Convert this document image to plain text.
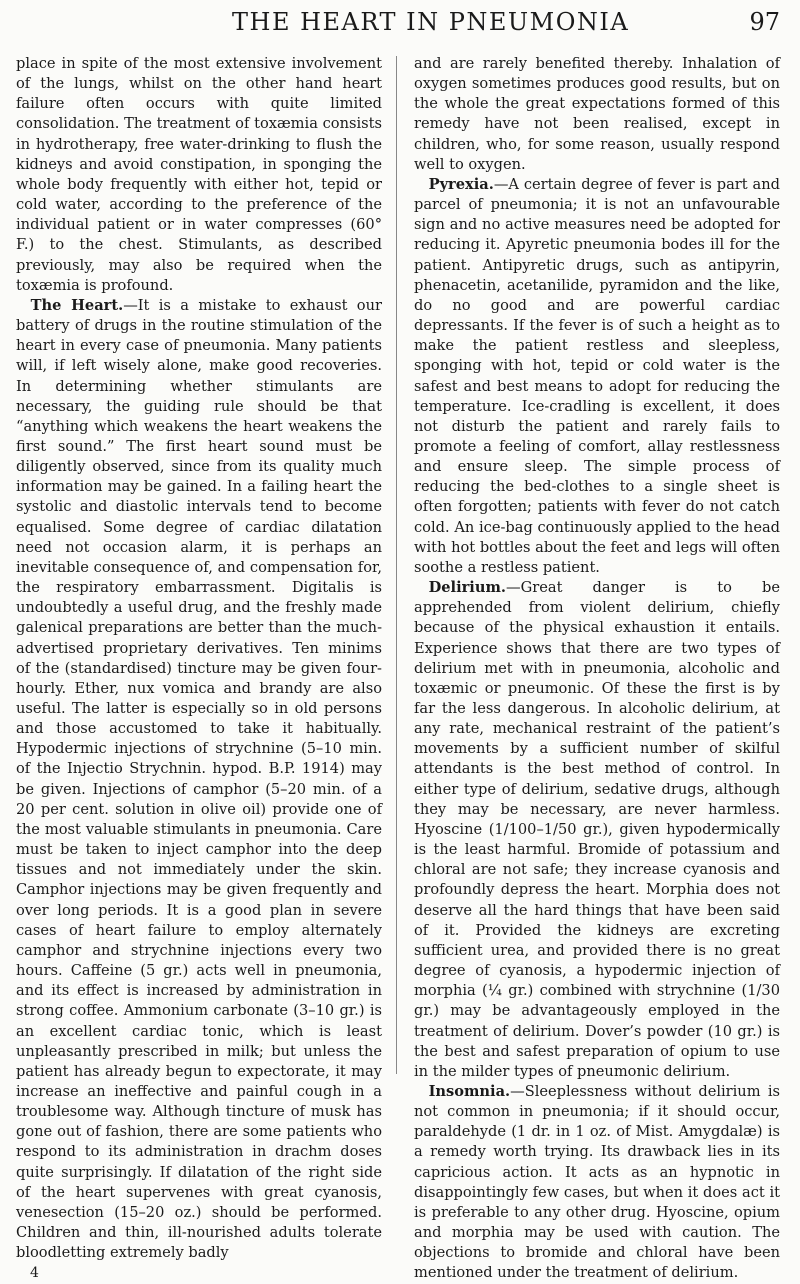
THE HEART IN PNEUMONIA	97

place in spite of the most extensive involvement of the lungs, whilst on the other hand heart failure often occurs with quite limited consolidation. The treatment of toxæmia consists in hydrotherapy, free water-drinking to flush the kidneys and avoid constipation, in sponging the whole body frequently with either hot, tepid or cold water, according to the preference of the individual patient or in water compresses (60° F.) to the chest. Stimulants, as described previously, may also be required when the toxæmia is profound.

The Heart.—It is a mistake to exhaust our battery of drugs in the routine stimulation of the heart in every case of pneumonia. Many patients will, if left wisely alone, make good recoveries. In determining whether stimulants are necessary, the guiding rule should be that “anything which weakens the heart weakens the first sound.” The first heart sound must be diligently observed, since from its quality much information may be gained. In a failing heart the systolic and diastolic intervals tend to become equalised. Some degree of cardiac dilatation need not occasion alarm, it is perhaps an inevitable consequence of, and compensation for, the respiratory embarrassment. Digitalis is undoubtedly a useful drug, and the freshly made galenical preparations are better than the much-advertised proprietary derivatives. Ten minims of the (standardised) tincture may be given four-hourly. Ether, nux vomica and brandy are also useful. The latter is especially so in old persons and those accustomed to take it habitually. Hypodermic injections of strychnine (5–10 min. of the Injectio Strychnin. hypod. B.P. 1914) may be given. Injections of camphor (5–20 min. of a 20 per cent. solution in olive oil) provide one of the most valuable stimulants in pneumonia. Care must be taken to inject camphor into the deep tissues and not immediately under the skin. Camphor injections may be given frequently and over long periods. It is a good plan in severe cases of heart failure to employ alternately camphor and strychnine injections every two hours. Caffeine (5 gr.) acts well in pneumonia, and its effect is increased by administration in strong coffee. Ammonium carbonate (3–10 gr.) is an excellent cardiac tonic, which is least unpleasantly prescribed in milk; but unless the patient has already begun to expectorate, it may increase an ineffective and painful cough in a troublesome way. Although tincture of musk has gone out of fashion, there are some patients who respond to its administration in drachm doses quite surprisingly. If dilatation of the right side of the heart supervenes with great cyanosis, venesection (15–20 oz.) should be performed. Children and thin, ill-nourished adults tolerate bloodletting extremely badly

4

and are rarely benefited thereby. Inhalation of oxygen sometimes produces good results, but on the whole the great expectations formed of this remedy have not been realised, except in children, who, for some reason, usually respond well to oxygen.

Pyrexia.—A certain degree of fever is part and parcel of pneumonia; it is not an unfavourable sign and no active measures need be adopted for reducing it. Apyretic pneumonia bodes ill for the patient. Antipyretic drugs, such as antipyrin, phenacetin, acetanilide, pyramidon and the like, do no good and are powerful cardiac depressants. If the fever is of such a height as to make the patient restless and sleepless, sponging with hot, tepid or cold water is the safest and best means to adopt for reducing the temperature. Ice-cradling is excellent, it does not disturb the patient and rarely fails to promote a feeling of comfort, allay restlessness and ensure sleep. The simple process of reducing the bed-clothes to a single sheet is often forgotten; patients with fever do not catch cold. An ice-bag continuously applied to the head with hot bottles about the feet and legs will often soothe a restless patient.

Delirium.—Great danger is to be apprehended from violent delirium, chiefly because of the physical exhaustion it entails. Experience shows that there are two types of delirium met with in pneumonia, alcoholic and toxæmic or pneumonic. Of these the first is by far the less dangerous. In alcoholic delirium, at any rate, mechanical restraint of the patient’s movements by a sufficient number of skilful attendants is the best method of control. In either type of delirium, sedative drugs, although they may be necessary, are never harmless. Hyoscine (1/100–1/50 gr.), given hypodermically is the least harmful. Bromide of potassium and chloral are not safe; they increase cyanosis and profoundly depress the heart. Morphia does not deserve all the hard things that have been said of it. Provided the kidneys are excreting sufficient urea, and provided there is no great degree of cyanosis, a hypodermic injection of morphia (¼ gr.) combined with strychnine (1/30 gr.) may be advantageously employed in the treatment of delirium. Dover’s powder (10 gr.) is the best and safest preparation of opium to use in the milder types of pneumonic delirium.

Insomnia.—Sleeplessness without delirium is not common in pneumonia; if it should occur, paraldehyde (1 dr. in 1 oz. of Mist. Amygdalæ) is a remedy worth trying. Its drawback lies in its capricious action. It acts as an hypnotic in disappointingly few cases, but when it does act it is preferable to any other drug. Hyoscine, opium and morphia may be used with caution. The objections to bromide and chloral have been mentioned under the treatment of delirium.
